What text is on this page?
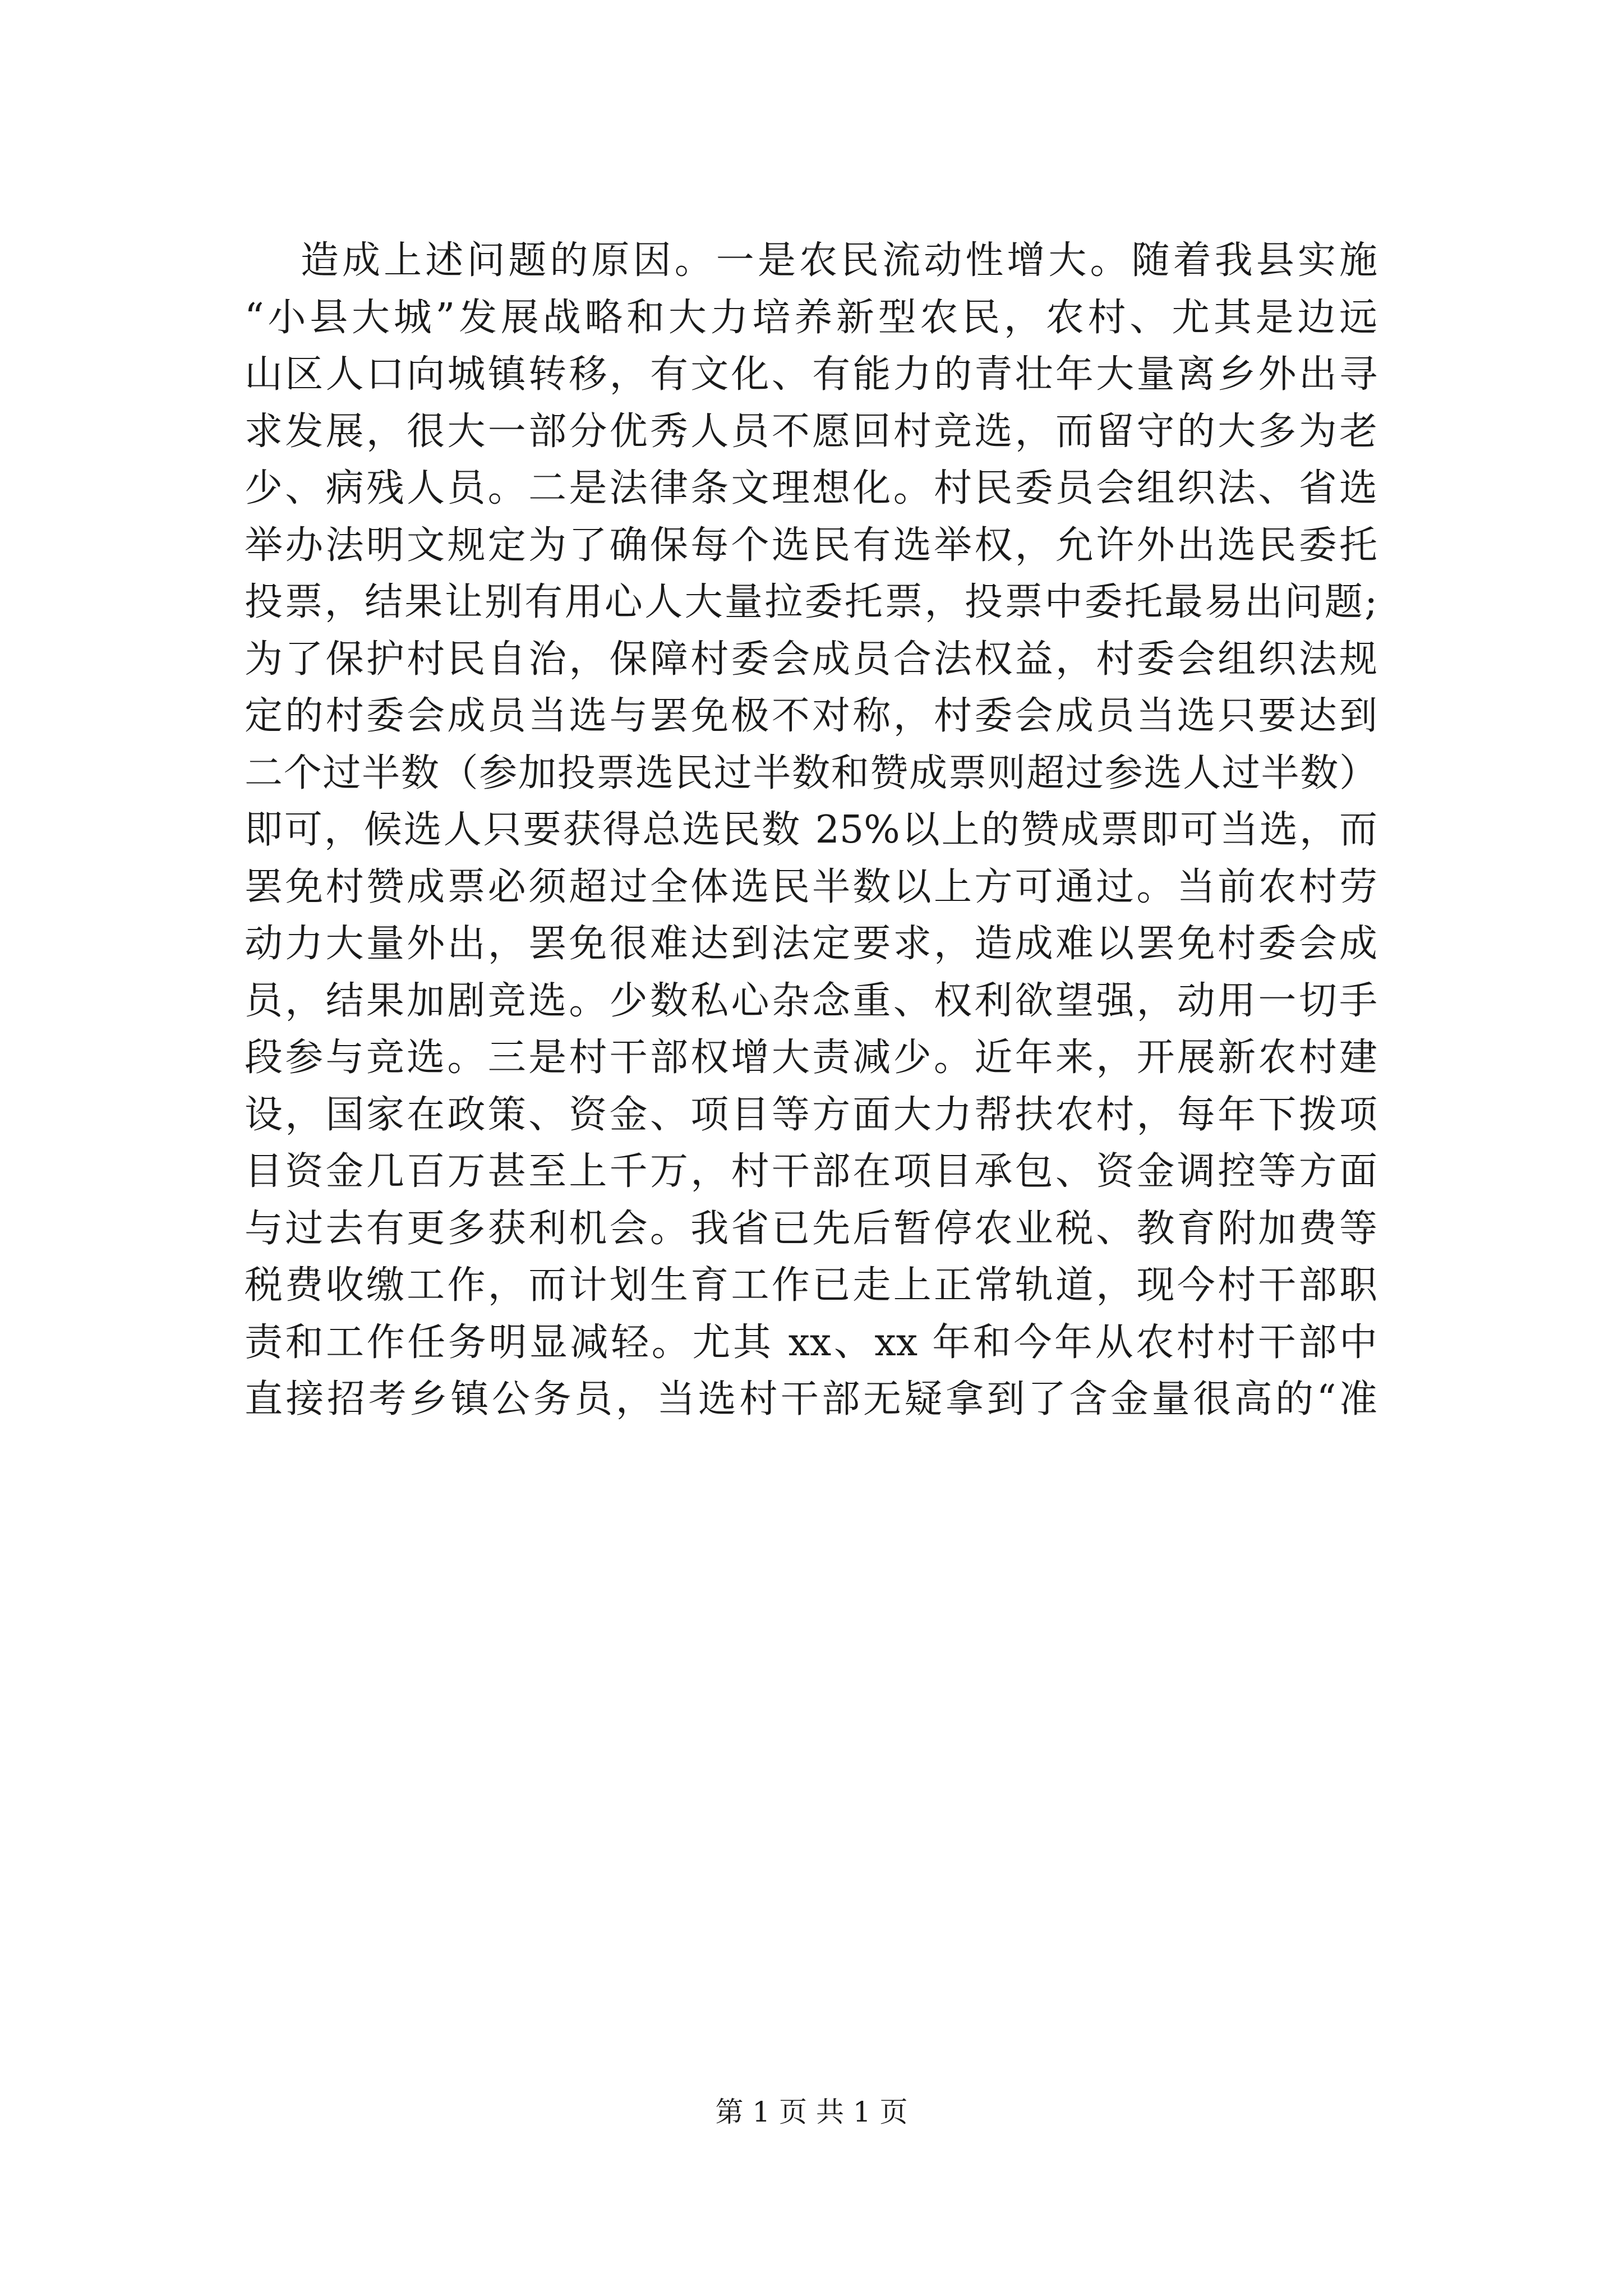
造成上述问题的原因。一是农民流动性增大。随着我县实施
“小县大城”发展战略和大力培养新型农民，农村、尤其是边远
山区人口向城镇转移，有文化、有能力的青壮年大量离乡外出寻
求发展，很大一部分优秀人员不愿回村竞选，而留守的大多为老
少、病残人员。二是法律条文理想化。村民委员会组织法、省选
举办法明文规定为了确保每个选民有选举权，允许外出选民委托
投票，结果让别有用心人大量拉委托票，投票中委托最易出问题;
为了保护村民自治，保障村委会成员合法权益，村委会组织法规
定的村委会成员当选与罢免极不对称，村委会成员当选只要达到
二个过半数（参加投票选民过半数和赞成票则超过参选人过半数）
即可，候选人只要获得总选民数 25%以上的赞成票即可当选，而
罢免村赞成票必须超过全体选民半数以上方可通过。当前农村劳
动力大量外出，罢免很难达到法定要求，造成难以罢免村委会成
员，结果加剧竞选。少数私心杂念重、权利欲望强，动用一切手
段参与竞选。三是村干部权增大责减少。近年来，开展新农村建
设，国家在政策、资金、项目等方面大力帮扶农村，每年下拨项
目资金几百万甚至上千万，村干部在项目承包、资金调控等方面
与过去有更多获利机会。我省已先后暂停农业税、教育附加费等
税费收缴工作，而计划生育工作已走上正常轨道，现今村干部职
责和工作任务明显减轻。尤其 xx、xx 年和今年从农村村干部中
直接招考乡镇公务员，当选村干部无疑拿到了含金量很高的“准
第 1 页 共 1 页
